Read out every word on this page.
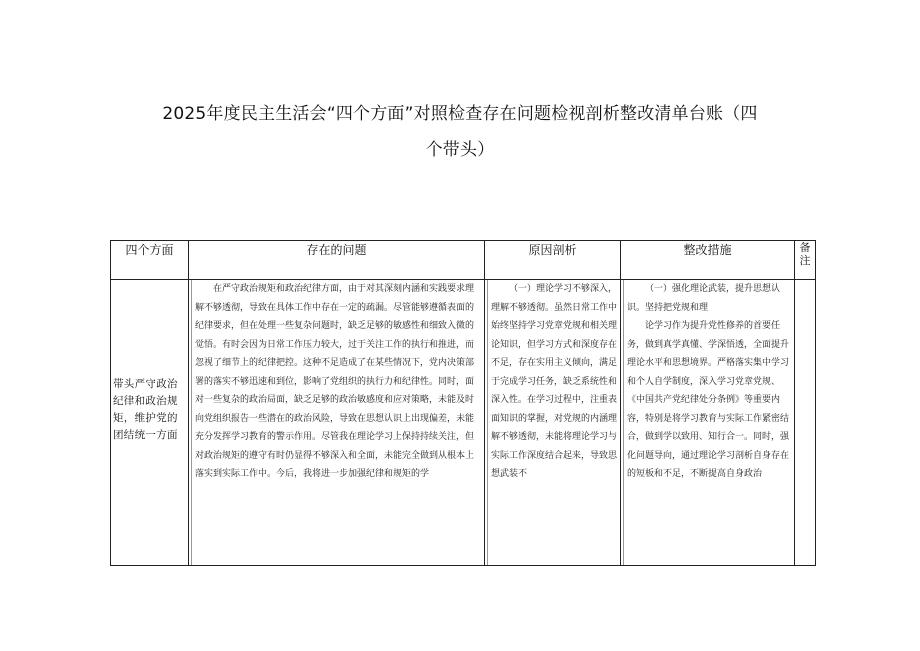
2025年度民主生活会“四个方面”对照检查存在问题检视剖析整改清单台账（四
个带头）
四个方面	存在的问题	原因剖析	整改措施	备注

带头严守政治纪律和政治规矩，维护党的团结统一方面	在严守政治规矩和政治纪律方面，由于对其深刻内涵和实践要求理解不够透彻，导致在具体工作中存在一定的疏漏。尽管能够遵循表面的纪律要求，但在处理一些复杂问题时，缺乏足够的敏感性和细致入微的觉悟。有时会因为日常工作压力较大，过于关注工作的执行和推进，而忽视了细节上的纪律把控。这种不足造成了在某些情况下，党内决策部署的落实不够迅速和到位，影响了党组织的执行力和纪律性。同时，面对一些复杂的政治局面，缺乏足够的政治敏感度和应对策略，未能及时向党组织报告一些潜在的政治风险，导致在思想认识上出现偏差，未能充分发挥学习教育的警示作用。尽管我在理论学习上保持持续关注，但对政治规矩的遵守有时仍显得不够深入和全面，未能完全做到从根本上落实到实际工作中。今后，我将进一步加强纪律和规矩的学	（一）理论学习不够深入，理解不够透彻。虽然日常工作中始终坚持学习党章党规和相关理论知识，但学习方式和深度存在不足，存在实用主义倾向，满足于完成学习任务，缺乏系统性和深入性。在学习过程中，注重表面知识的掌握，对党规的内涵理解不够透彻，未能将理论学习与实际工作深度结合起来，导致思想武装不	（一）强化理论武装，提升思想认识。坚持把党规和理

论学习作为提升党性修养的首要任务，做到真学真懂、学深悟透，全面提升理论水平和思想境界。严格落实集中学习和个人自学制度，深入学习党章党规、《中国共产党纪律处分条例》等重要内容，特别是将学习教育与实际工作紧密结合，做到学以致用、知行合一。同时，强化问题导向，通过理论学习剖析自身存在的短板和不足，不断提高自身政治	
